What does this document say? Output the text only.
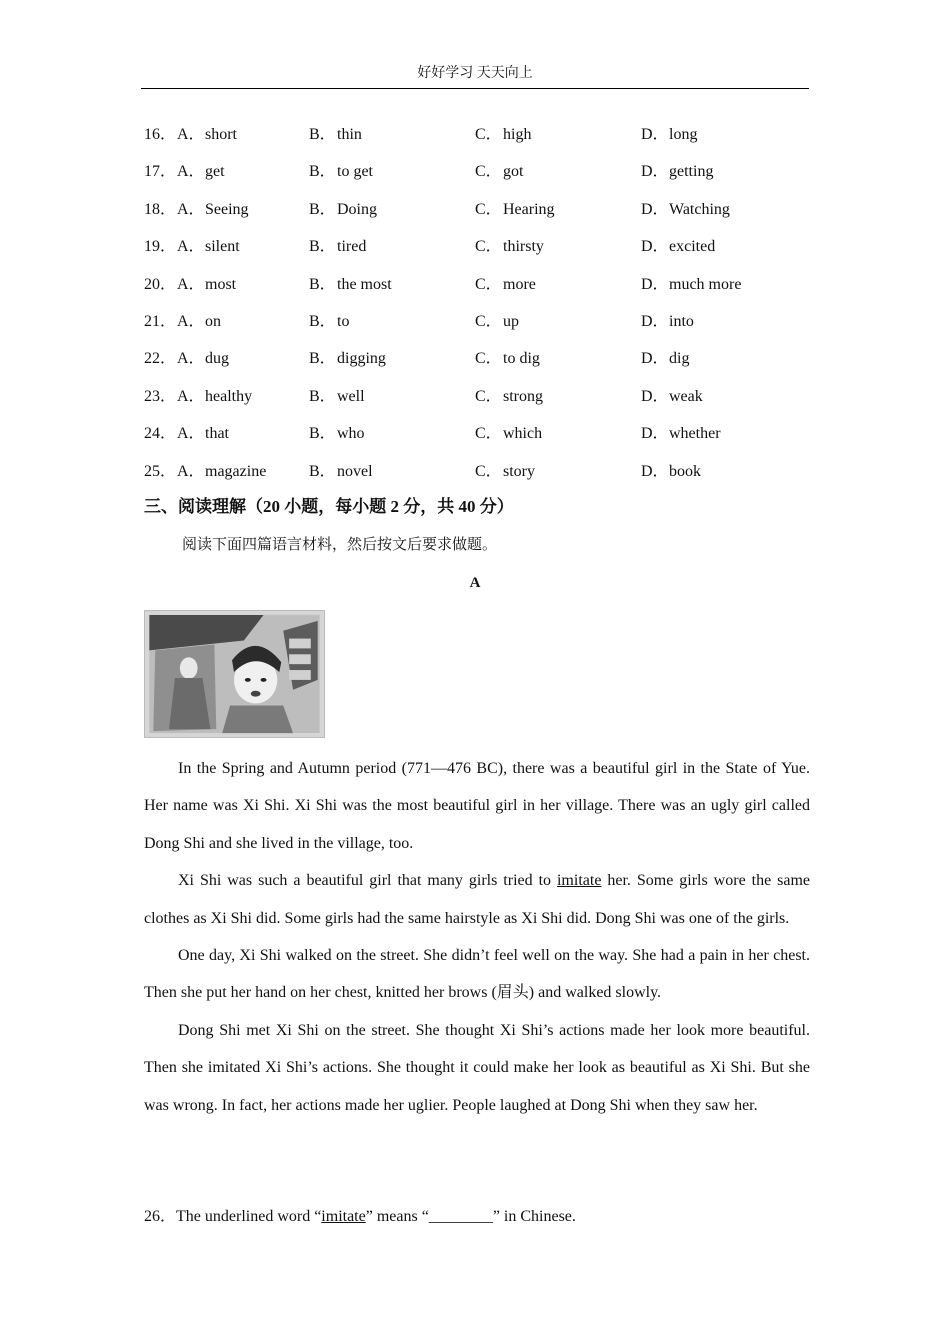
好好学习 天天向上
16． A．short	B．thin	C．high	D．long
17． A．get	B．to get	C．got	D．getting
18． A．Seeing	B．Doing	C．Hearing	D．Watching
19． A．silent	B．tired	C．thirsty	D．excited
20． A．most	B．the most	C．more	D．much more
21． A．on	B．to	C．up	D．into
22． A．dug	B．digging	C．to dig	D．dig
23． A．healthy	B．well	C．strong	D．weak
24． A．that	B．who	C．which	D．whether
25． A．magazine	B．novel	C．story	D．book
三、阅读理解（20 小题，每小题 2 分，共 40 分）
阅读下面四篇语言材料，然后按文后要求做题。
A

In the Spring and Autumn period (771—476 BC), there was a beautiful girl in the State of Yue. Her name was Xi Shi. Xi Shi was the most beautiful girl in her village. There was an ugly girl called Dong Shi and she lived in the village, too.

Xi Shi was such a beautiful girl that many girls tried to imitate her. Some girls wore the same clothes as Xi Shi did. Some girls had the same hairstyle as Xi Shi did. Dong Shi was one of the girls.

One day, Xi Shi walked on the street. She didn’t feel well on the way. She had a pain in her chest. Then she put her hand on her chest, knitted her brows (眉头) and walked slowly.

Dong Shi met Xi Shi on the street. She thought Xi Shi’s actions made her look more beautiful. Then she imitated Xi Shi’s actions. She thought it could make her look as beautiful as Xi Shi. But she was wrong. In fact, her actions made her uglier. People laughed at Dong Shi when they saw her.

26．The underlined word “imitate” means “________” in Chinese.
